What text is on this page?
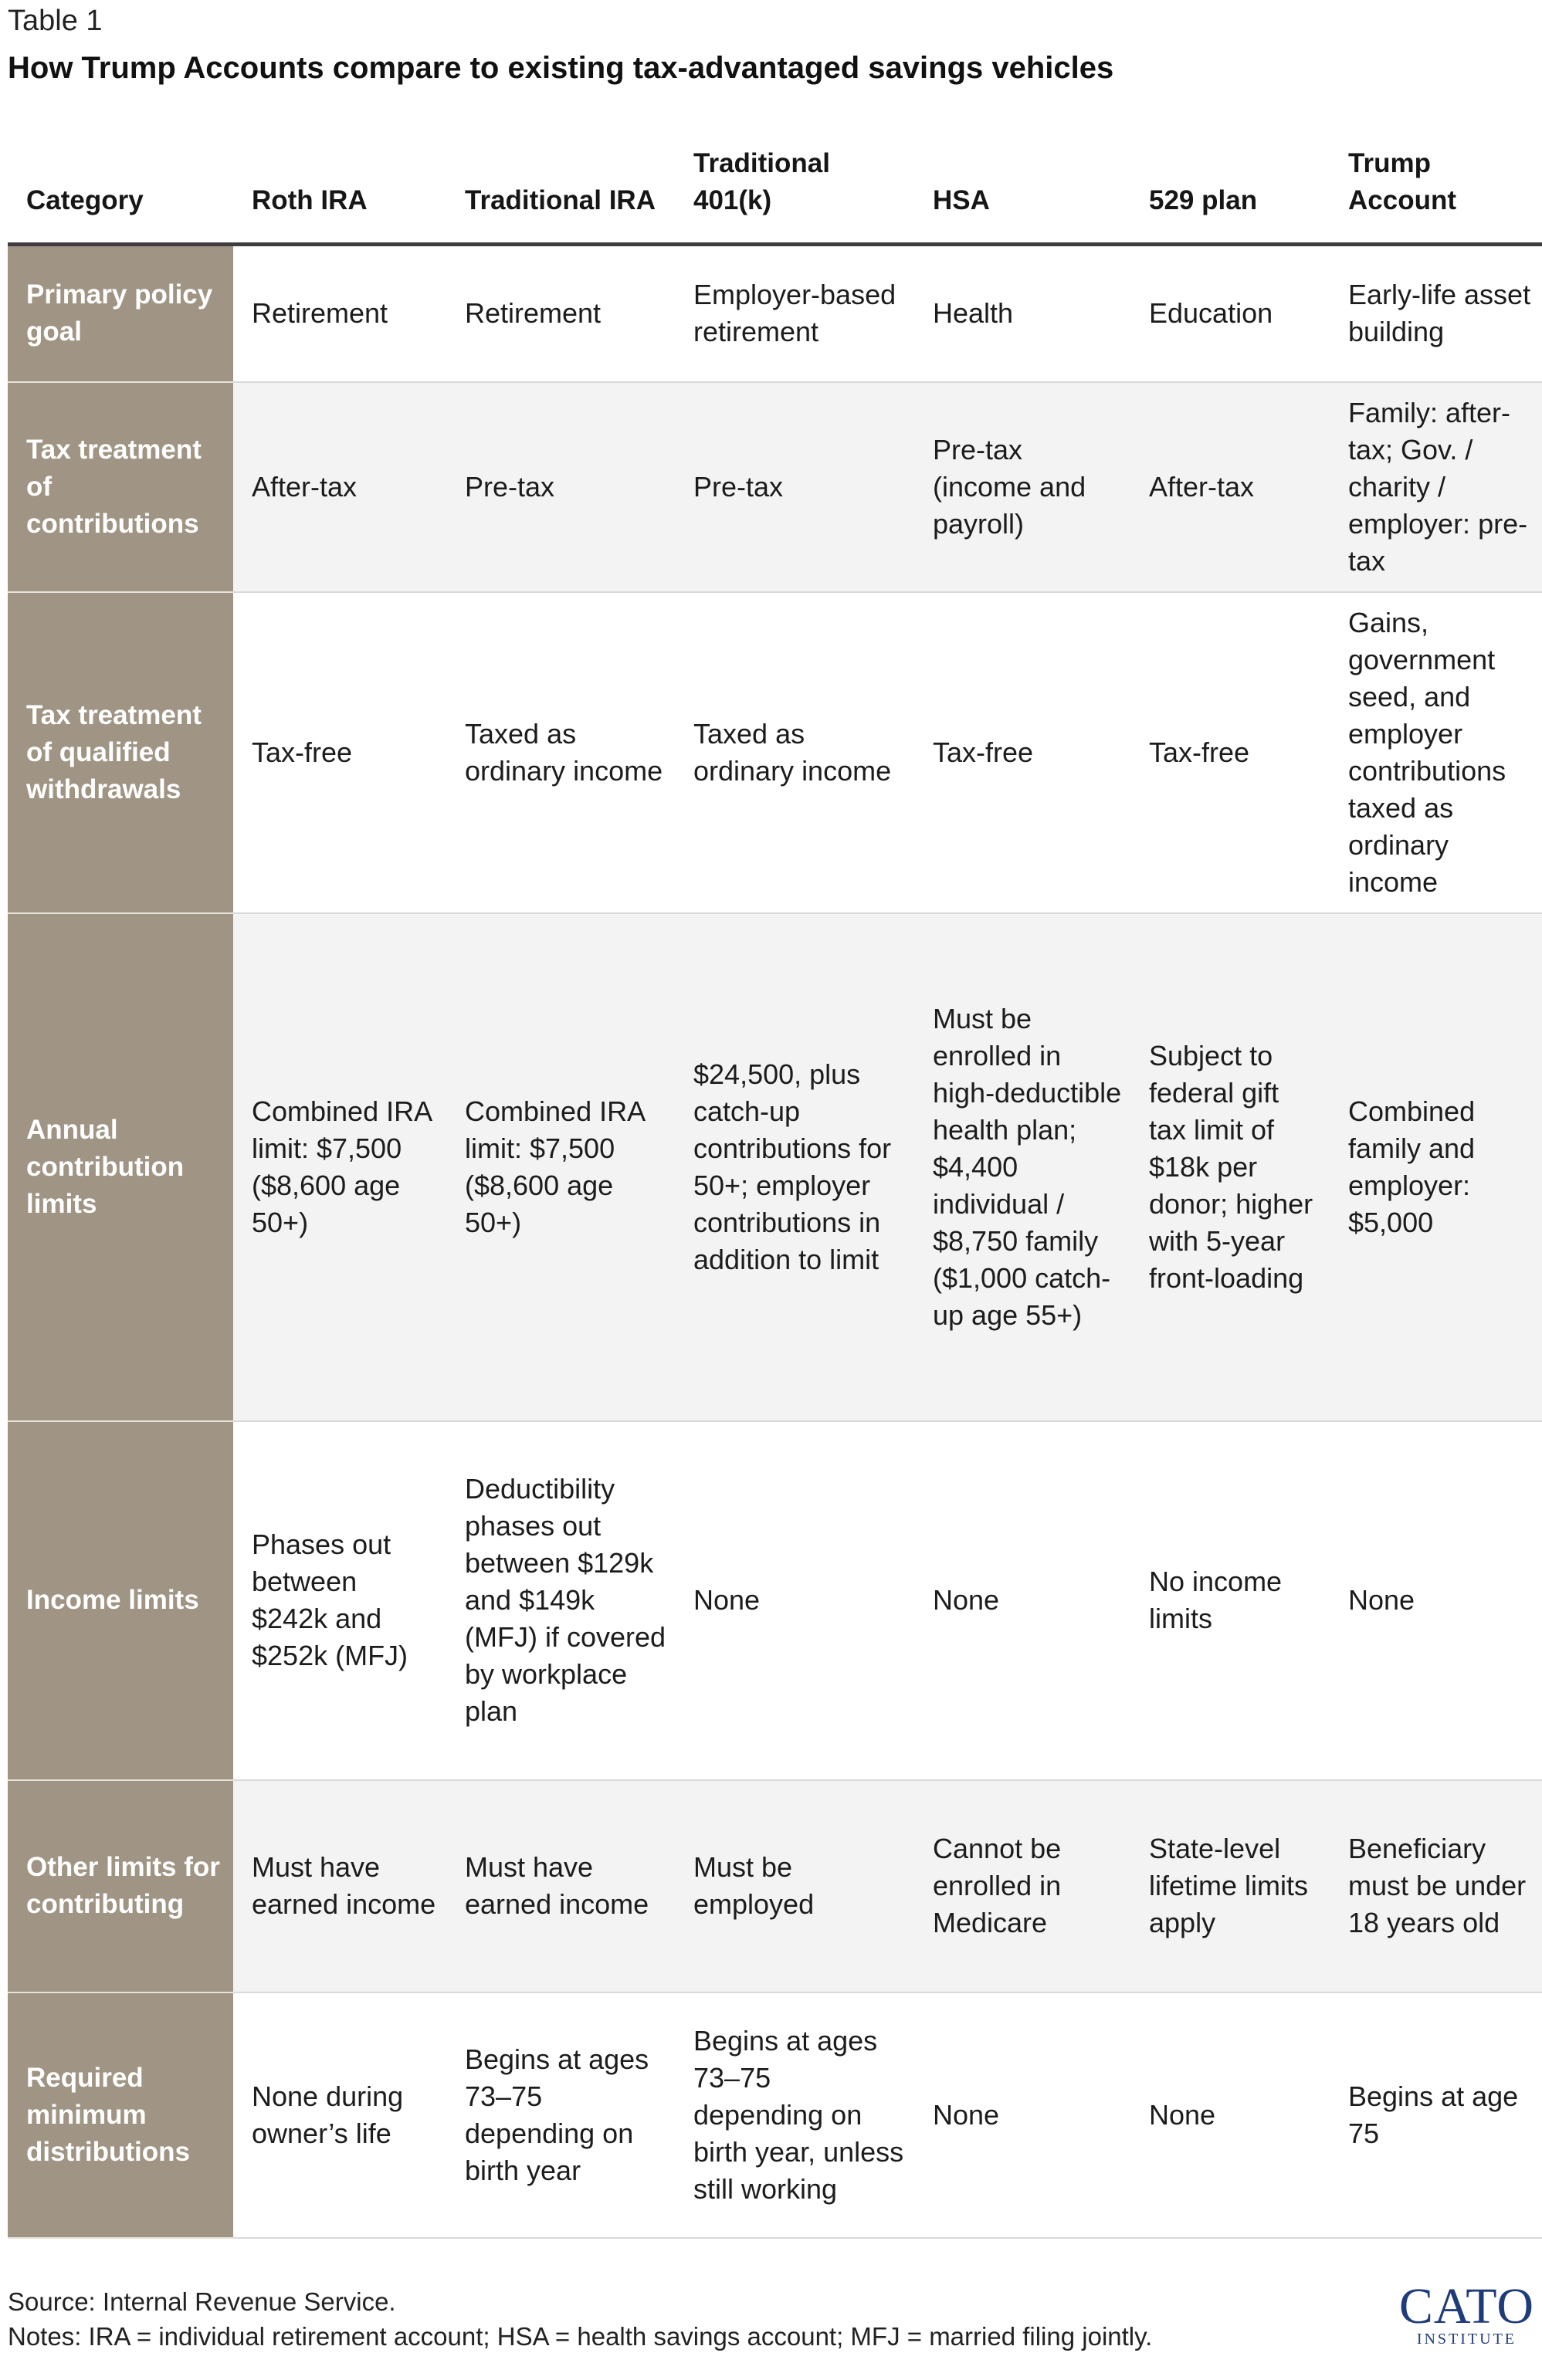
Table 1
How Trump Accounts compare to existing tax-advantaged savings vehicles
Category	Roth IRA	Traditional IRA	Traditional 401(k)	HSA	529 plan	Trump Account
Primary policy goal	Retirement	Retirement	Employer-based retirement	Health	Education	Early-life asset building
Tax treatment of contributions	After-tax	Pre-tax	Pre-tax	Pre-tax (income and payroll)	After-tax	Family: after-tax; Gov. / charity / employer: pre-tax
Tax treatment of qualified withdrawals	Tax-free	Taxed as ordinary income	Taxed as ordinary income	Tax-free	Tax-free	Gains, government seed, and employer contributions taxed as ordinary income
Annual contribution limits	Combined IRA limit: $7,500 ($8,600 age 50+)	Combined IRA limit: $7,500 ($8,600 age 50+)	$24,500, plus catch-up contributions for 50+; employer contributions in addition to limit	Must be enrolled in high-deductible health plan; $4,400 individual / $8,750 family ($1,000 catch-up age 55+)	Subject to federal gift tax limit of $18k per donor; higher with 5-year front-loading	Combined family and employer: $5,000
Income limits	Phases out between $242k and $252k (MFJ)	Deductibility phases out between $129k and $149k (MFJ) if covered by workplace plan	None	None	No income limits	None
Other limits for contributing	Must have earned income	Must have earned income	Must be employed	Cannot be enrolled in Medicare	State-level lifetime limits apply	Beneficiary must be under 18 years old
Required minimum distributions	None during owner’s life	Begins at ages 73–75 depending on birth year	Begins at ages 73–75 depending on birth year, unless still working	None	None	Begins at age 75
Source: Internal Revenue Service.
Notes: IRA = individual retirement account; HSA = health savings account; MFJ = married filing jointly.
CATO
INSTITUTE
